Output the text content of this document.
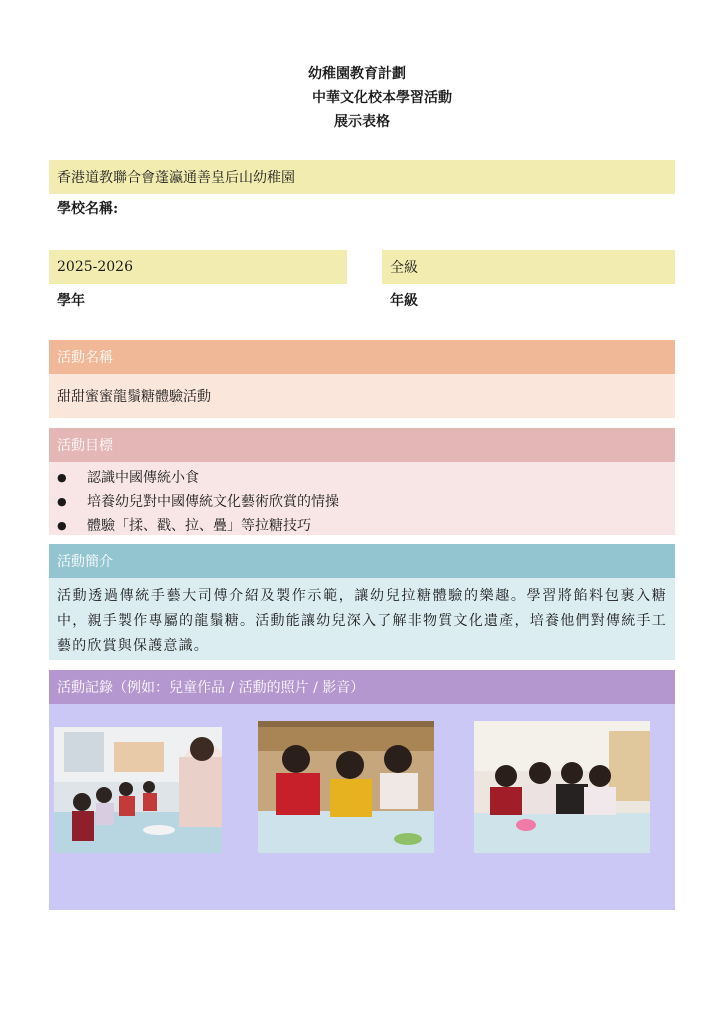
幼稚園教育計劃
中華文化校本學習活動
展示表格
香港道教聯合會蓬瀛通善皇后山幼稚園
學校名稱:
2025-2026
學年
全級
年級
活動名稱
甜甜蜜蜜龍鬚糖體驗活動
活動目標
●	認識中國傳統小食
●	培養幼兒對中國傳統文化藝術欣賞的情操
●	體驗「揉、戳、拉、疊」等拉糖技巧
活動簡介
活動透過傳統手藝大司傅介紹及製作示範，讓幼兒拉糖體驗的樂趣。學習將餡料包裹入糖中，親手製作專屬的龍鬚糖。活動能讓幼兒深入了解非物質文化遺產，培養他們對傳統手工藝的欣賞與保護意識。
活動記錄（例如：兒童作品 / 活動的照片 / 影音）
